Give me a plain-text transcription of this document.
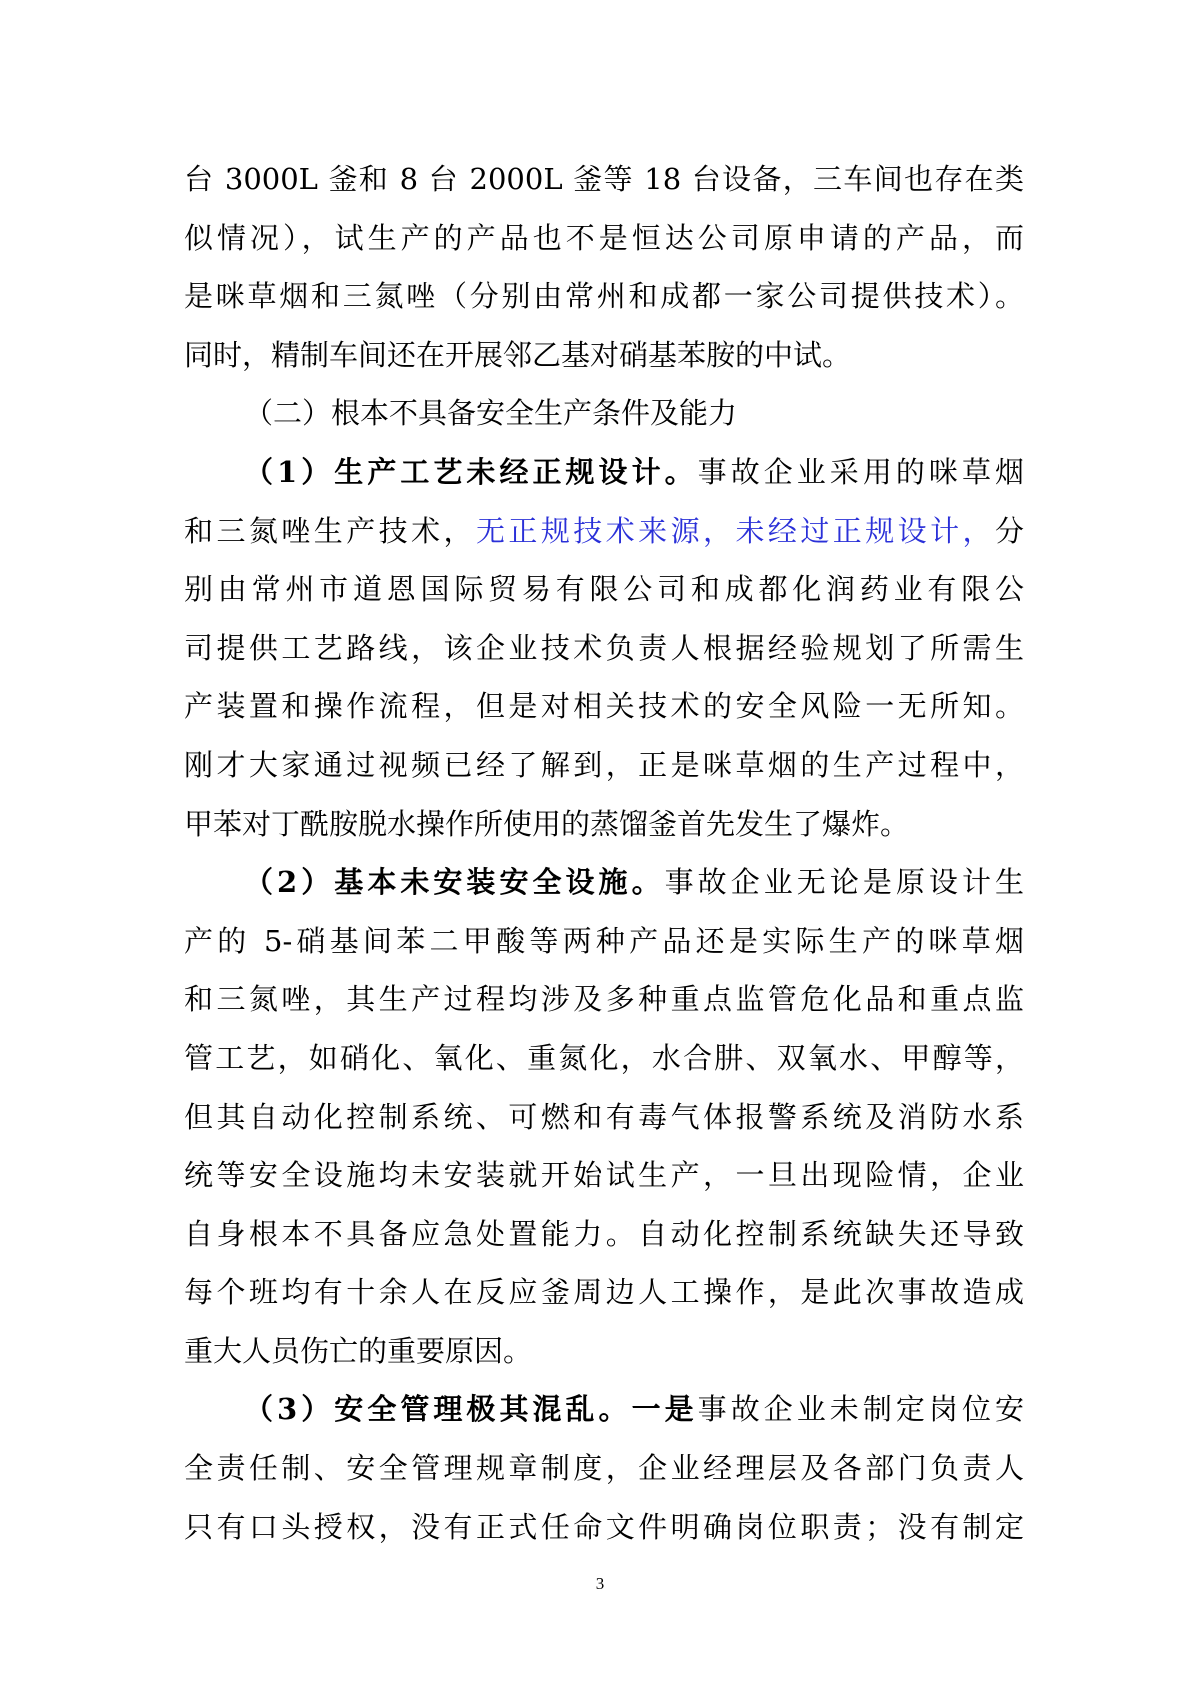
台 3000L 釜和 8 台 2000L 釜等 18 台设备，三车间也存在类
似情况），试生产的产品也不是恒达公司原申请的产品，而
是咪草烟和三氮唑（分别由常州和成都一家公司提供技术）。
同时，精制车间还在开展邻乙基对硝基苯胺的中试。
（二）根本不具备安全生产条件及能力
（1）生产工艺未经正规设计。事故企业采用的咪草烟
和三氮唑生产技术，无正规技术来源，未经过正规设计，分
别由常州市道恩国际贸易有限公司和成都化润药业有限公
司提供工艺路线，该企业技术负责人根据经验规划了所需生
产装置和操作流程，但是对相关技术的安全风险一无所知。
刚才大家通过视频已经了解到，正是咪草烟的生产过程中，
甲苯对丁酰胺脱水操作所使用的蒸馏釜首先发生了爆炸。
（2）基本未安装安全设施。事故企业无论是原设计生
产的 5-硝基间苯二甲酸等两种产品还是实际生产的咪草烟
和三氮唑，其生产过程均涉及多种重点监管危化品和重点监
管工艺，如硝化、氧化、重氮化，水合肼、双氧水、甲醇等，
但其自动化控制系统、可燃和有毒气体报警系统及消防水系
统等安全设施均未安装就开始试生产，一旦出现险情，企业
自身根本不具备应急处置能力。自动化控制系统缺失还导致
每个班均有十余人在反应釜周边人工操作，是此次事故造成
重大人员伤亡的重要原因。
（3）安全管理极其混乱。一是事故企业未制定岗位安
全责任制、安全管理规章制度，企业经理层及各部门负责人
只有口头授权，没有正式任命文件明确岗位职责；没有制定
3
